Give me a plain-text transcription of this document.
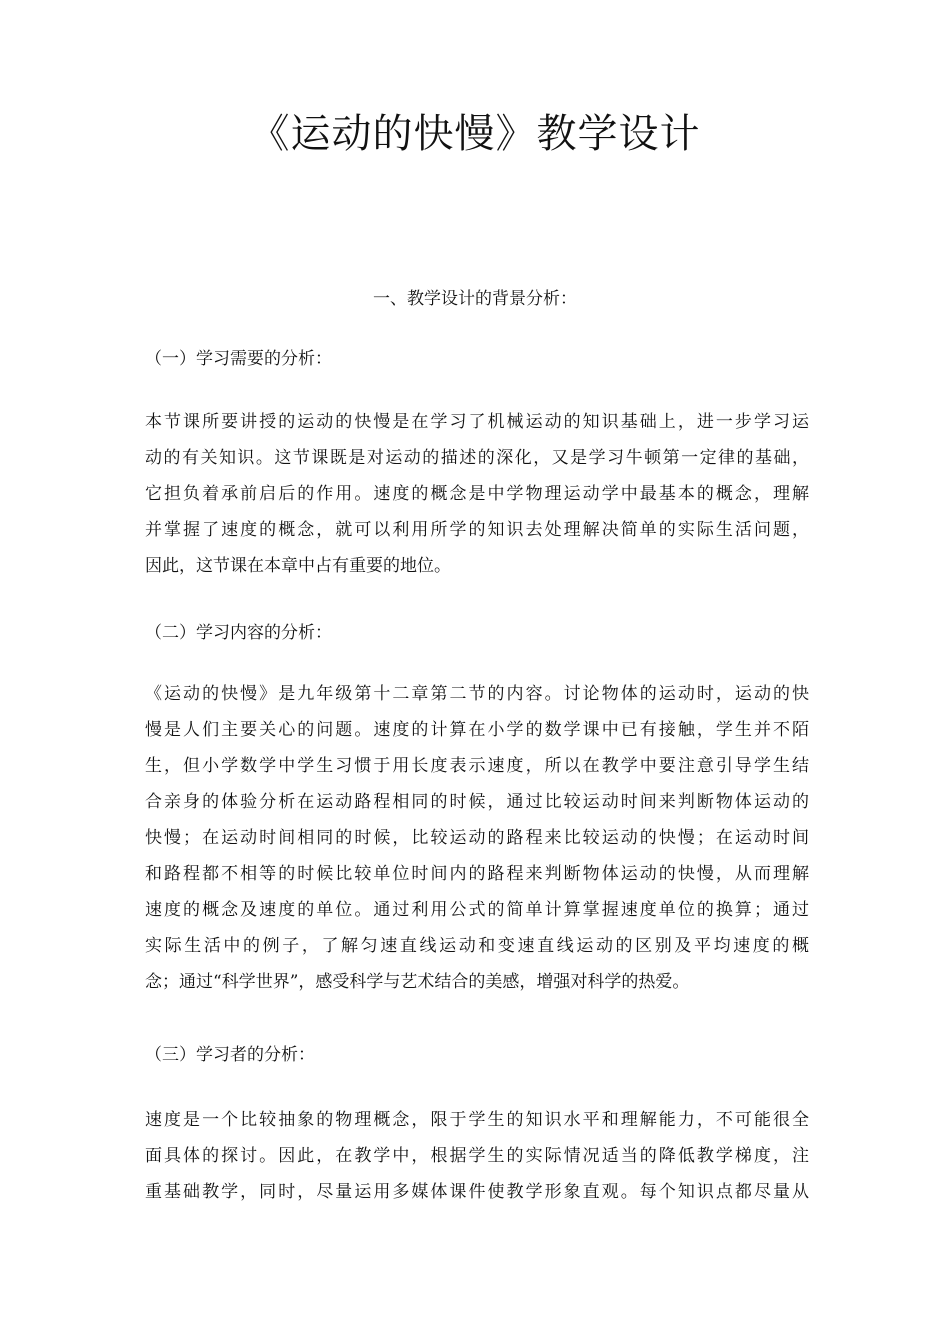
《运动的快慢》教学设计
一、教学设计的背景分析：
（一）学习需要的分析：

本节课所要讲授的运动的快慢是在学习了机械运动的知识基础上，进一步学习运
动的有关知识。这节课既是对运动的描述的深化，又是学习牛顿第一定律的基础，
它担负着承前启后的作用。速度的概念是中学物理运动学中最基本的概念，理解
并掌握了速度的概念，就可以利用所学的知识去处理解决简单的实际生活问题，
因此，这节课在本章中占有重要的地位。

（二）学习内容的分析：

《运动的快慢》是九年级第十二章第二节的内容。讨论物体的运动时，运动的快
慢是人们主要关心的问题。速度的计算在小学的数学课中已有接触，学生并不陌
生，但小学数学中学生习惯于用长度表示速度，所以在教学中要注意引导学生结
合亲身的体验分析在运动路程相同的时候，通过比较运动时间来判断物体运动的
快慢；在运动时间相同的时候，比较运动的路程来比较运动的快慢；在运动时间
和路程都不相等的时候比较单位时间内的路程来判断物体运动的快慢，从而理解
速度的概念及速度的单位。通过利用公式的简单计算掌握速度单位的换算；通过
实际生活中的例子，了解匀速直线运动和变速直线运动的区别及平均速度的概
念；通过“科学世界”，感受科学与艺术结合的美感，增强对科学的热爱。

（三）学习者的分析：

速度是一个比较抽象的物理概念，限于学生的知识水平和理解能力，不可能很全
面具体的探讨。因此，在教学中，根据学生的实际情况适当的降低教学梯度，注
重基础教学，同时，尽量运用多媒体课件使教学形象直观。每个知识点都尽量从
